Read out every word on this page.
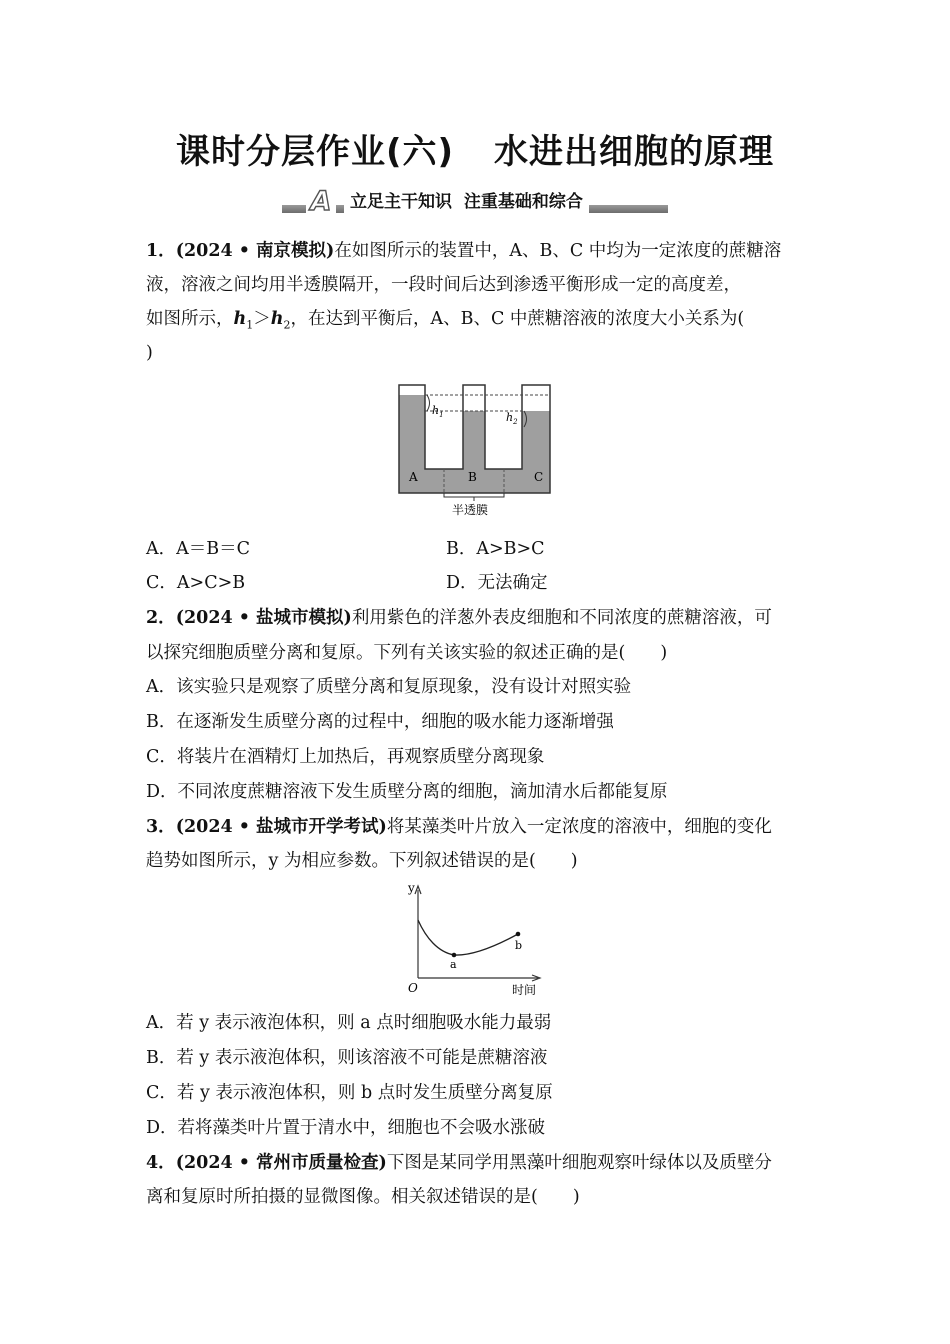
课时分层作业(六) 水进出细胞的原理
A	立足主干知识  注重基础和综合
1．(2024 • 南京模拟)在如图所示的装置中，A、B、C 中均为一定浓度的蔗糖溶
液，溶液之间均用半透膜隔开，一段时间后达到渗透平衡形成一定的高度差，
如图所示，$h_1>h_2$，在达到平衡后，A、B、C 中蔗糖溶液的浓度大小关系为(
)
$h_1$	$h_2$
A	B	C
半透膜
A．A＝B＝C	B．A>B>C
C．A>C>B	D．无法确定
2．(2024 • 盐城市模拟)利用紫色的洋葱外表皮细胞和不同浓度的蔗糖溶液，可
以探究细胞质壁分离和复原。下列有关该实验的叙述正确的是(　　)
A．该实验只是观察了质壁分离和复原现象，没有设计对照实验
B．在逐渐发生质壁分离的过程中，细胞的吸水能力逐渐增强
C．将装片在酒精灯上加热后，再观察质壁分离现象
D．不同浓度蔗糖溶液下发生质壁分离的细胞，滴加清水后都能复原
3．(2024 • 盐城市开学考试)将某藻类叶片放入一定浓度的溶液中，细胞的变化
趋势如图所示，y 为相应参数。下列叙述错误的是(　　)
y
O	时间
a
b
A．若 y 表示液泡体积，则 a 点时细胞吸水能力最弱
B．若 y 表示液泡体积，则该溶液不可能是蔗糖溶液
C．若 y 表示液泡体积，则 b 点时发生质壁分离复原
D．若将藻类叶片置于清水中，细胞也不会吸水涨破
4．(2024 • 常州市质量检查)下图是某同学用黑藻叶细胞观察叶绿体以及质壁分
离和复原时所拍摄的显微图像。相关叙述错误的是(　　)
